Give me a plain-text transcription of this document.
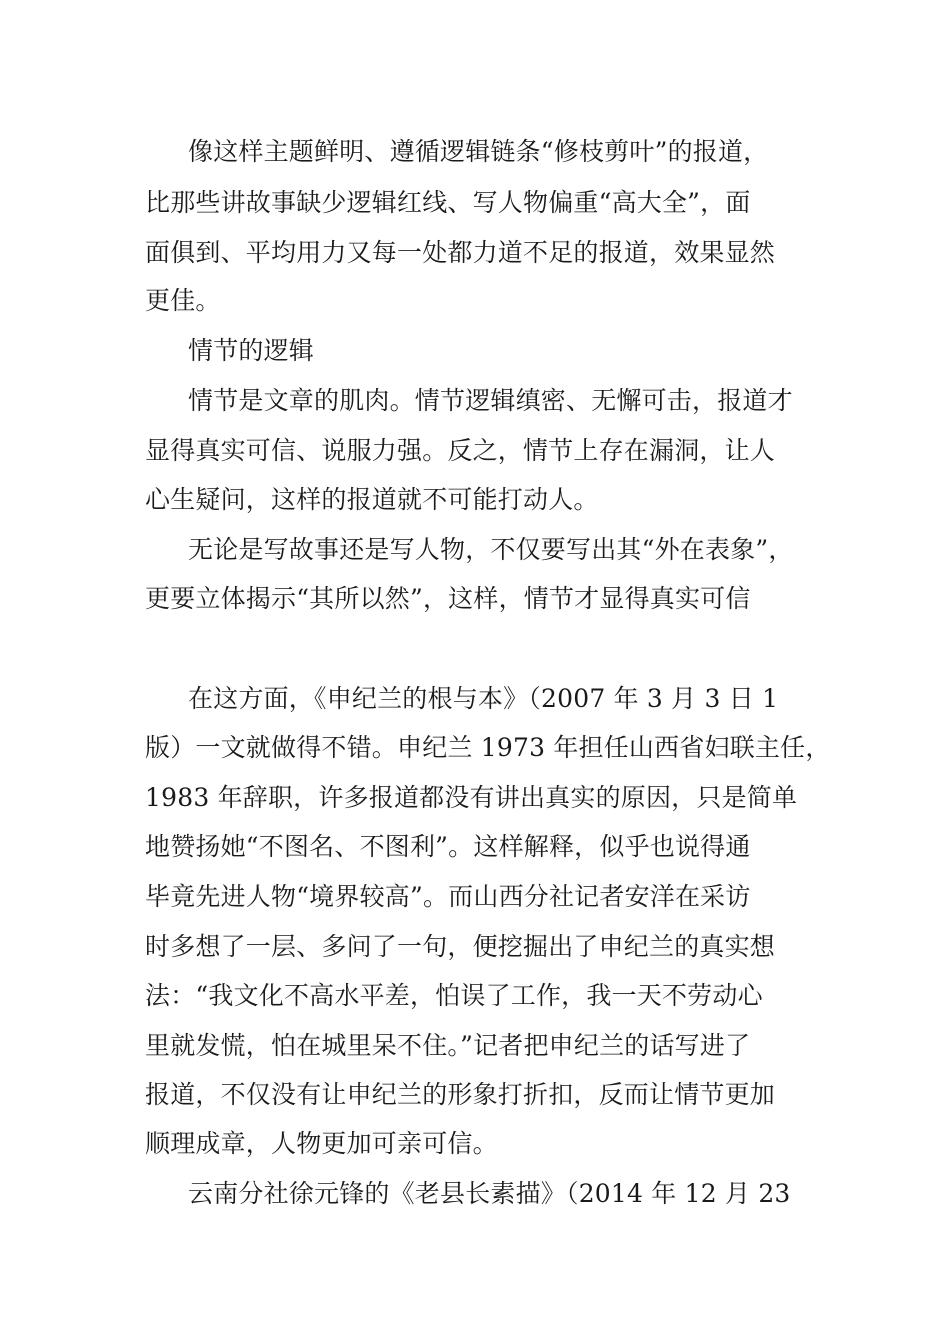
像这样主题鲜明、遵循逻辑链条“修枝剪叶”的报道，
比那些讲故事缺少逻辑红线、写人物偏重“高大全”，面
面俱到、平均用力又每一处都力道不足的报道，效果显然
更佳。
情节的逻辑
情节是文章的肌肉。情节逻辑缜密、无懈可击，报道才
显得真实可信、说服力强。反之，情节上存在漏洞，让人
心生疑问，这样的报道就不可能打动人。
无论是写故事还是写人物，不仅要写出其“外在表象”，
更要立体揭示“其所以然”，这样，情节才显得真实可信
在这方面，《申纪兰的根与本》（2007 年 3 月 3 日 1
版）一文就做得不错。申纪兰 1973 年担任山西省妇联主任，
1983 年辞职，许多报道都没有讲出真实的原因，只是简单
地赞扬她“不图名、不图利”。这样解释，似乎也说得通
毕竟先进人物“境界较高”。而山西分社记者安洋在采访
时多想了一层、多问了一句，便挖掘出了申纪兰的真实想
法：“我文化不高水平差，怕误了工作，我一天不劳动心
里就发慌，怕在城里呆不住。”记者把申纪兰的话写进了
报道，不仅没有让申纪兰的形象打折扣，反而让情节更加
顺理成章，人物更加可亲可信。
云南分社徐元锋的《老县长素描》（2014 年 12 月 23
